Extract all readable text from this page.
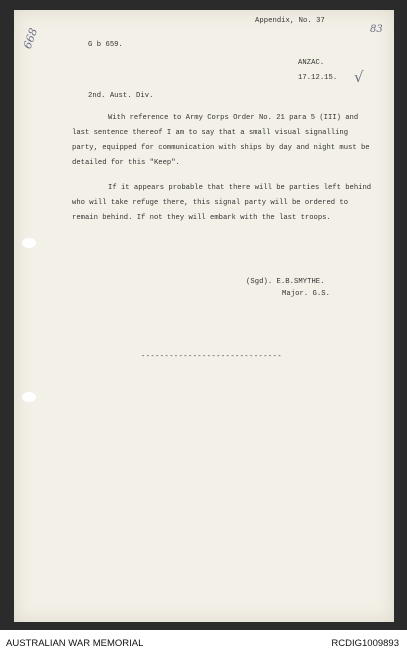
Appendix, No. 37
83
668	G b 659.
ANZAC.
17.12.15. √
2nd. Aust. Div.
With reference to Army Corps Order No. 21 para 5 (III) and last sentence thereof I am to say that a small visual signalling party, equipped for communication with ships by day and night must be detailed for this "Keep".
If it appears probable that there will be parties left behind who will take refuge there, this signal party will be ordered to remain behind. If not they will embark with the last troops.
(Sgd). E.B.SMYTHE.
Major. G.S.
------------------------------
AUSTRALIAN WAR MEMORIAL	RCDIG1009893
